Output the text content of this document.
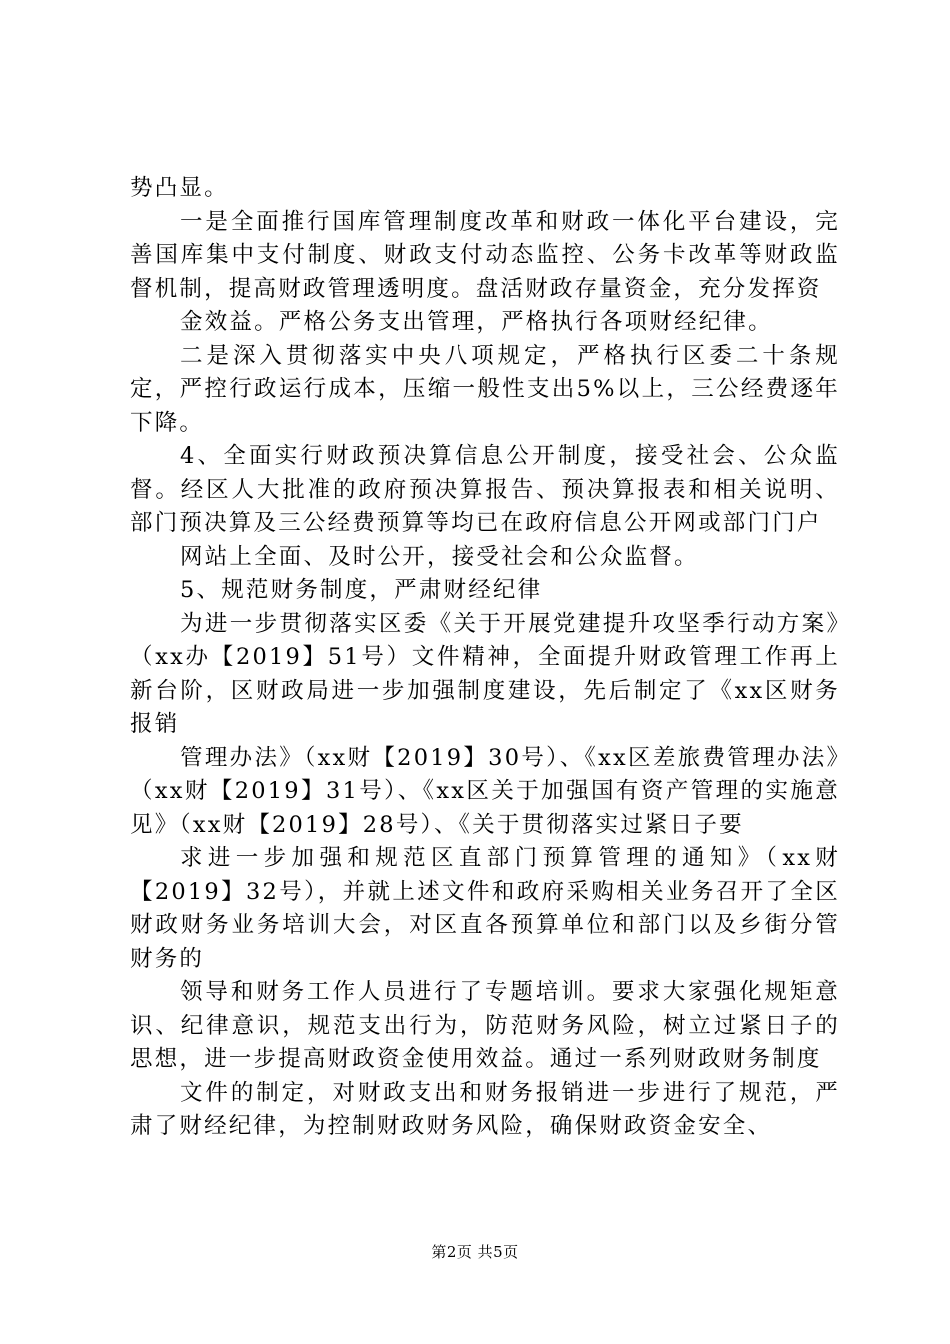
势凸显。

一是全面推行国库管理制度改革和财政一体化平台建设，完善国库集中支付制度、财政支付动态监控、公务卡改革等财政监督机制，提高财政管理透明度。盘活财政存量资金，充分发挥资

金效益。严格公务支出管理，严格执行各项财经纪律。

二是深入贯彻落实中央八项规定，严格执行区委二十条规定，严控行政运行成本，压缩一般性支出5%以上，三公经费逐年下降。

4、全面实行财政预决算信息公开制度，接受社会、公众监督。经区人大批准的政府预决算报告、预决算报表和相关说明、部门预决算及三公经费预算等均已在政府信息公开网或部门门户

网站上全面、及时公开，接受社会和公众监督。

5、规范财务制度，严肃财经纪律

为进一步贯彻落实区委《关于开展党建提升攻坚季行动方案》（xx办【2019】51号）文件精神，全面提升财政管理工作再上新台阶，区财政局进一步加强制度建设，先后制定了《xx区财务报销

管理办法》（xx财【2019】30号）、《xx区差旅费管理办法》（xx财【2019】31号）、《xx区关于加强国有资产管理的实施意见》（xx财【2019】28号）、《关于贯彻落实过紧日子要

求进一步加强和规范区直部门预算管理的通知》（xx财【2019】32号），并就上述文件和政府采购相关业务召开了全区财政财务业务培训大会，对区直各预算单位和部门以及乡街分管财务的

领导和财务工作人员进行了专题培训。要求大家强化规矩意识、纪律意识，规范支出行为，防范财务风险，树立过紧日子的思想，进一步提高财政资金使用效益。通过一系列财政财务制度

文件的制定，对财政支出和财务报销进一步进行了规范，严肃了财经纪律，为控制财政财务风险，确保财政资金安全、

第2页 共5页
